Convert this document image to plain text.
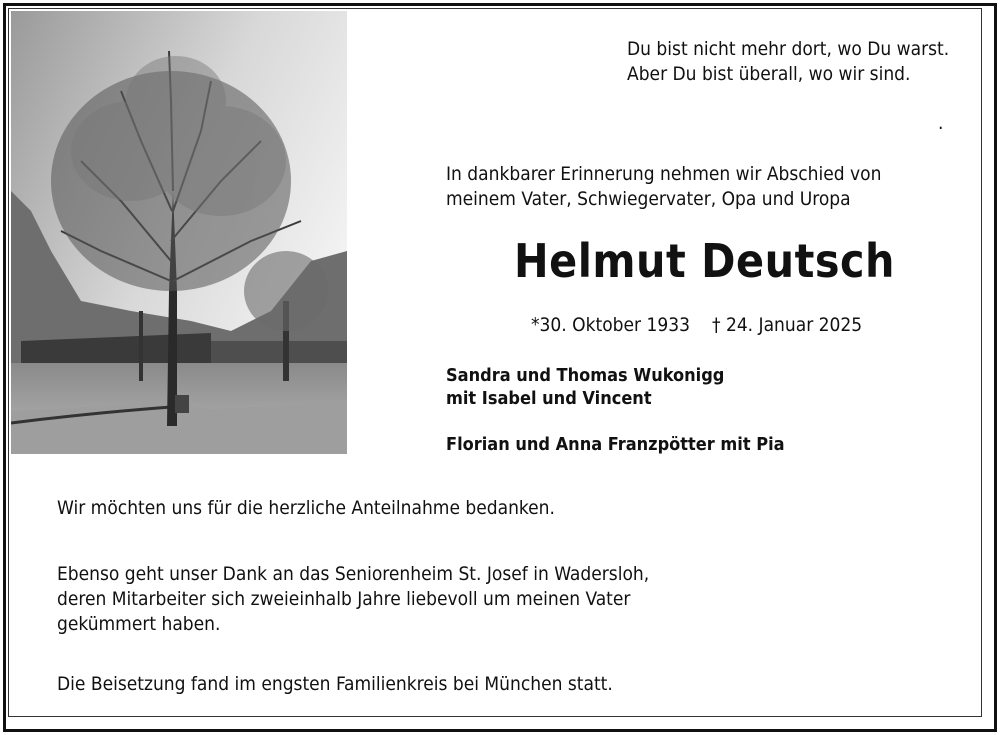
Du bist nicht mehr dort, wo Du warst.
Aber Du bist überall, wo wir sind.

.

In dankbarer Erinnerung nehmen wir Abschied von
meinem Vater, Schwiegervater, Opa und Uropa

Helmut Deutsch

*30. Oktober 1933 † 24. Januar 2025

Sandra und Thomas Wukonigg
mit Isabel und Vincent

Florian und Anna Franzpötter mit Pia

Wir möchten uns für die herzliche Anteilnahme bedanken.

Ebenso geht unser Dank an das Seniorenheim St. Josef in Wadersloh,
deren Mitarbeiter sich zweieinhalb Jahre liebevoll um meinen Vater
gekümmert haben.

Die Beisetzung fand im engsten Familienkreis bei München statt.
